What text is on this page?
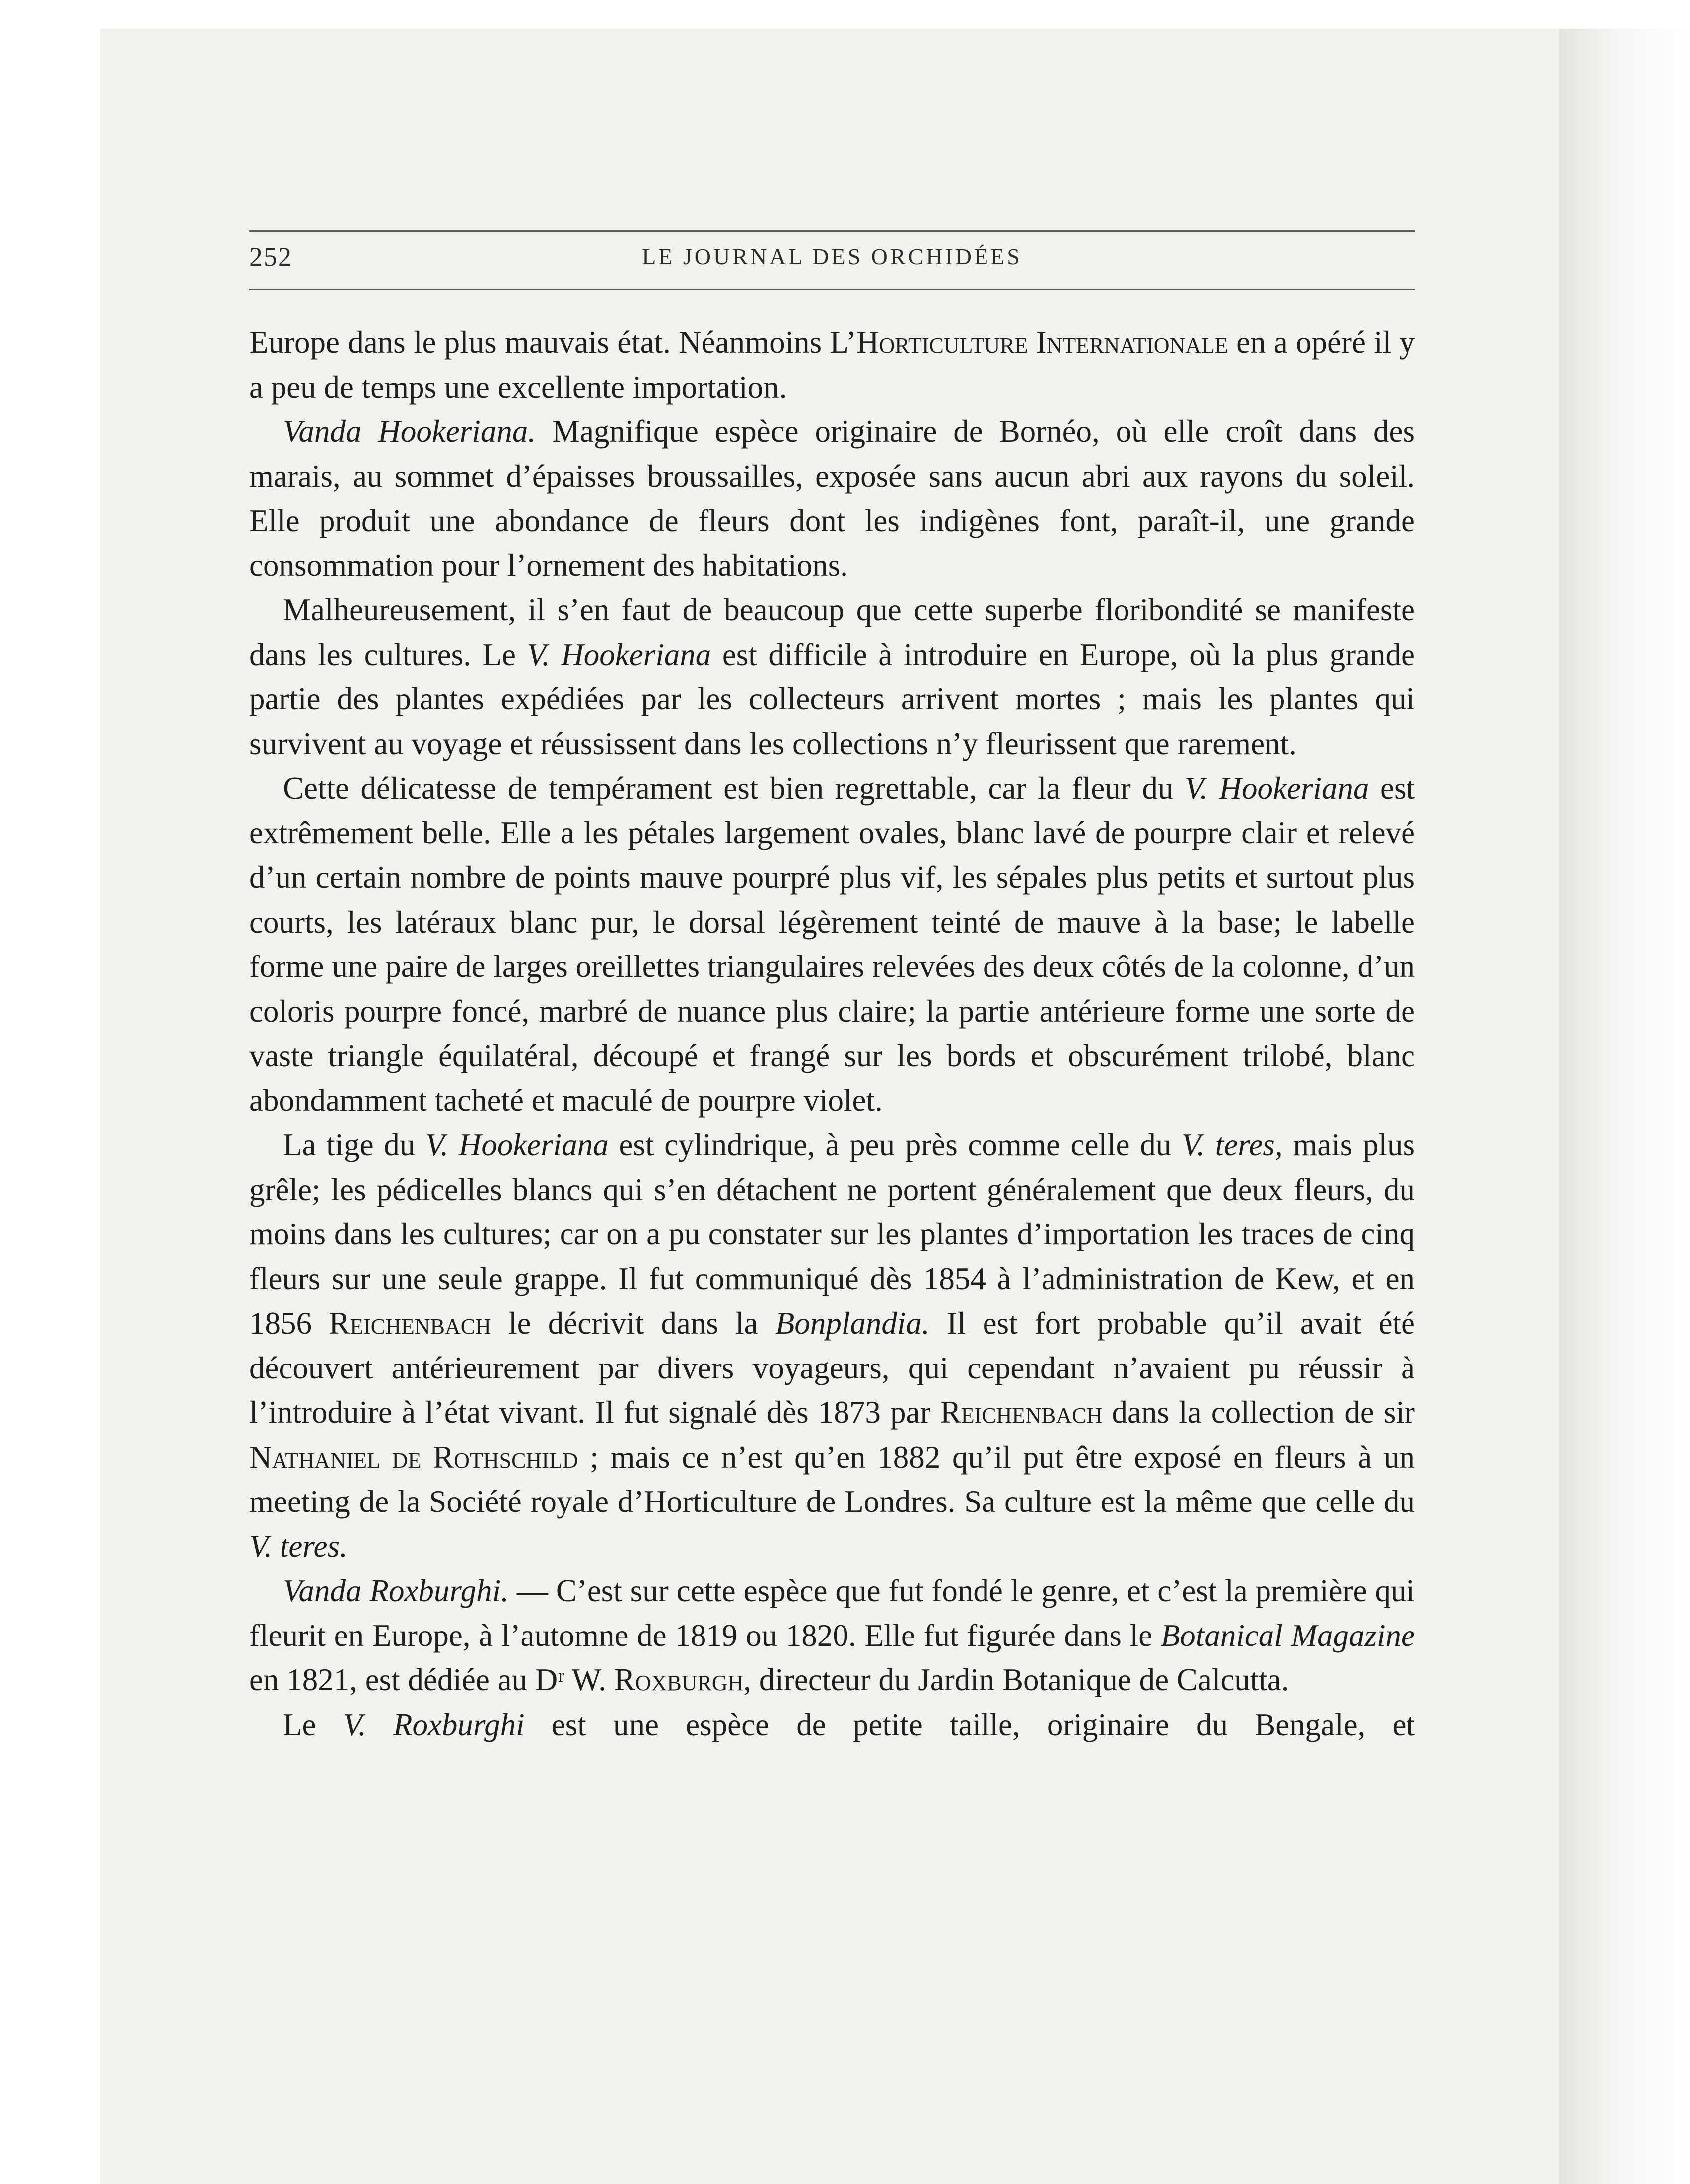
252	LE JOURNAL DES ORCHIDÉES

Europe dans le plus mauvais état. Néanmoins L’Horticulture Internationale en a opéré il y a peu de temps une excellente importation.

Vanda Hookeriana. Magnifique espèce originaire de Bornéo, où elle croît dans des marais, au sommet d’épaisses broussailles, exposée sans aucun abri aux rayons du soleil. Elle produit une abondance de fleurs dont les indigènes font, paraît-il, une grande consommation pour l’ornement des habitations.

Malheureusement, il s’en faut de beaucoup que cette superbe floribondité se manifeste dans les cultures. Le V. Hookeriana est difficile à introduire en Europe, où la plus grande partie des plantes expédiées par les collecteurs arrivent mortes ; mais les plantes qui survivent au voyage et réussissent dans les collections n’y fleurissent que rarement.

Cette délicatesse de tempérament est bien regrettable, car la fleur du V. Hookeriana est extrêmement belle. Elle a les pétales largement ovales, blanc lavé de pourpre clair et relevé d’un certain nombre de points mauve pourpré plus vif, les sépales plus petits et surtout plus courts, les latéraux blanc pur, le dorsal légèrement teinté de mauve à la base; le labelle forme une paire de larges oreillettes triangulaires relevées des deux côtés de la colonne, d’un coloris pourpre foncé, marbré de nuance plus claire; la partie antérieure forme une sorte de vaste triangle équilatéral, découpé et frangé sur les bords et obscurément trilobé, blanc abondamment tacheté et maculé de pourpre violet.

La tige du V. Hookeriana est cylindrique, à peu près comme celle du V. teres, mais plus grêle; les pédicelles blancs qui s’en détachent ne portent généralement que deux fleurs, du moins dans les cultures; car on a pu constater sur les plantes d’importation les traces de cinq fleurs sur une seule grappe. Il fut communiqué dès 1854 à l’administration de Kew, et en 1856 Reichenbach le décrivit dans la Bonplandia. Il est fort probable qu’il avait été découvert antérieurement par divers voyageurs, qui cependant n’avaient pu réussir à l’introduire à l’état vivant. Il fut signalé dès 1873 par Reichenbach dans la collection de sir Nathaniel de Rothschild ; mais ce n’est qu’en 1882 qu’il put être exposé en fleurs à un meeting de la Société royale d’Horticulture de Londres. Sa culture est la même que celle du V. teres.

Vanda Roxburghi. — C’est sur cette espèce que fut fondé le genre, et c’est la première qui fleurit en Europe, à l’automne de 1819 ou 1820. Elle fut figurée dans le Botanical Magazine en 1821, est dédiée au Dʳ W. Roxburgh, directeur du Jardin Botanique de Calcutta.

Le V. Roxburghi est une espèce de petite taille, originaire du Bengale, et
